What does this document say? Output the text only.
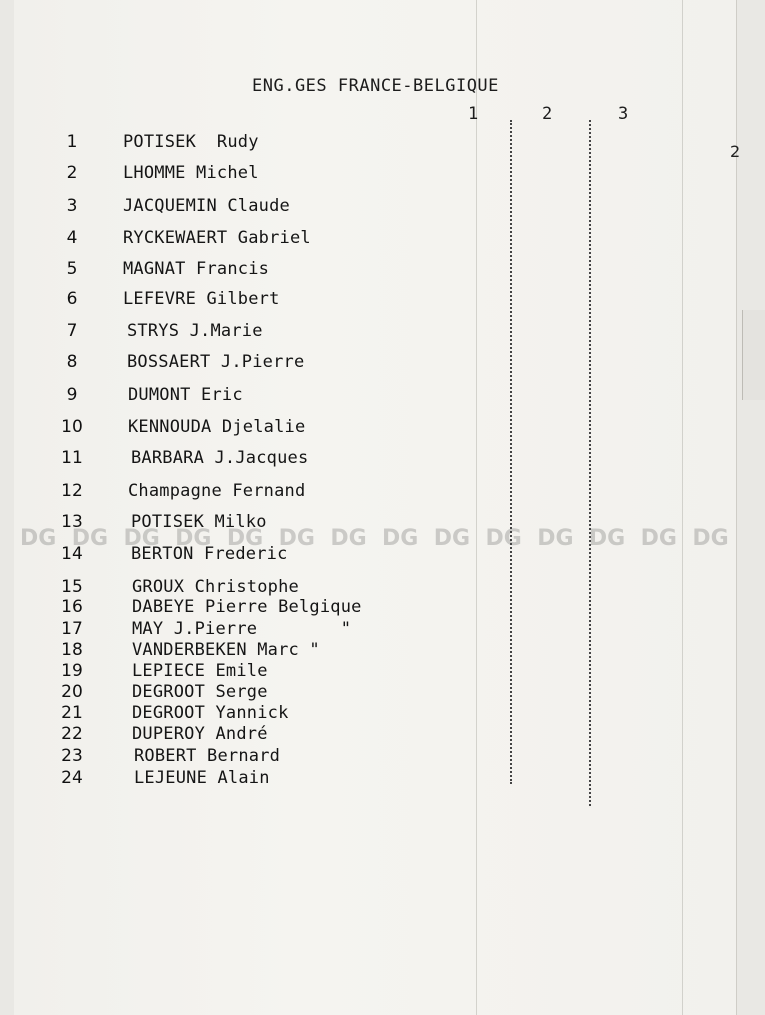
DG DG DG DG DG DG DG DG DG DG DG DG DG DG
ENG.GES FRANCE-BELGIQUE
1	2	3
2
1	POTISEK  Rudy
2	LHOMME Michel
3	JACQUEMIN Claude
4	RYCKEWAERT Gabriel
5	MAGNAT Francis
6	LEFEVRE Gilbert
7	STRYS J.Marie
8	BOSSAERT J.Pierre
9	DUMONT Eric
10	KENNOUDA Djelalie
11	BARBARA J.Jacques
12	Champagne Fernand
13	POTISEK Milko
14	BERTON Frederic
15	GROUX Christophe
16	DABEYE Pierre Belgique
17	MAY J.Pierre        "
18	VANDERBEKEN Marc "
19	LEPIECE Emile
20	DEGROOT Serge
21	DEGROOT Yannick
22	DUPEROY André
23	ROBERT Bernard
24	LEJEUNE Alain
